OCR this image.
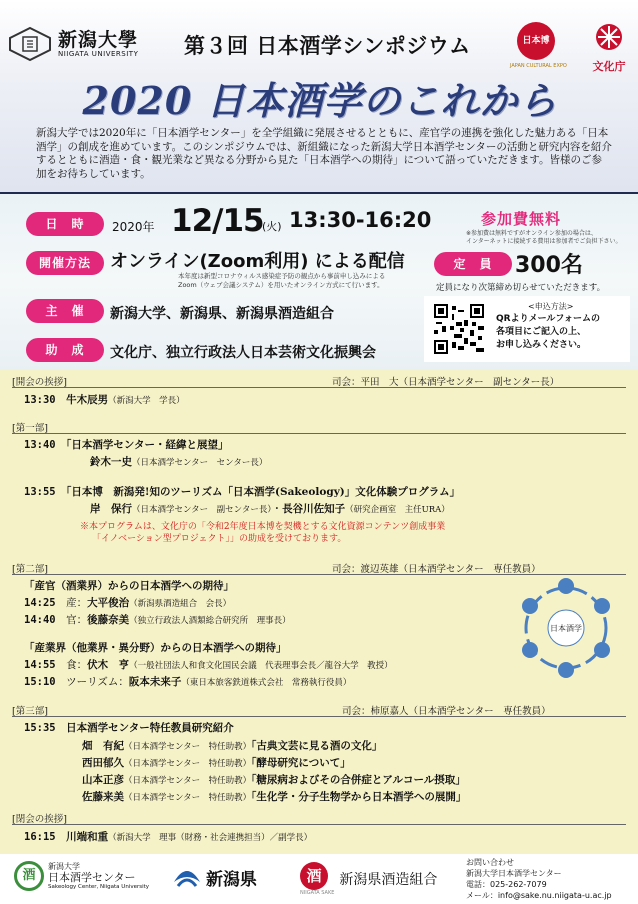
新潟大學
NIIGATA UNIVERSITY 第３回 日本酒学シンポジウム	日本博
JAPAN CULTURAL EXPO	文化庁
2020 日本酒学のこれから
新潟大学では2020年に「日本酒学センター」を全学組織に発展させるとともに、産官学の連携を強化した魅力ある「日本酒学」の創成を進めています。このシンポジウムでは、新組織になった新潟大学日本酒学センターの活動と研究内容を紹介するとともに酒造・食・観光業など異なる分野から見た「日本酒学への期待」について語っていただきます。皆様のご参加をお待ちしています。
日　時	2020年 12/15
(火) 13:30-16:20	参加費無料
※参加費は無料ですがオンライン参加の場合は、
インターネットに接続する費用は参加者でご負担下さい。
開催方法	オンライン(Zoom利用) による配信
本年度は新型コロナウィルス感染症予防の観点から事前申し込みによる
Zoom（ウェブ会議システム）を用いたオンライン方式にて行います。
定　員	300名
定員になり次第締め切らせていただきます。
主　催	新潟大学、新潟県、新潟県酒造組合
助　成	文化庁、独立行政法人日本芸術文化振興会
<申込方法>
QRよりメールフォームの
各項目にご記入の上、
お申し込みください。
[開会の挨拶]	司会：平田　大（日本酒学センター　副センター長）
13:30　 牛木辰男（新潟大学　学長）
[第一部]
13:40　 「日本酒学センター・経緯と展望」
鈴木一史（日本酒学センター　センター長）
13:55　 「日本博　新潟発!知のツーリズム「日本酒学(Sakeology)」文化体験プログラム」
岸　保行（日本酒学センター　副センター長）・長谷川佐知子（研究企画室　主任URA）
※本プログラムは、文化庁の「令和2年度日本博を契機とする文化資源コンテンツ創成事業
「イノベーション型プロジェクト」」の助成を受けております。
[第二部]	司会：渡辺英雄（日本酒学センター　専任教員）
「産官（酒業界）からの日本酒学への期待」
14:25　 産：大平俊治（新潟県酒造組合　会長）
14:40　 官：後藤奈美（独立行政法人酒類総合研究所　理事長）
「産業界（他業界・異分野）からの日本酒学への期待」
14:55　 食：伏木　亨（一般社団法人和食文化国民会議　代表理事会長／龍谷大学　教授）
15:10　 ツーリズム：阪本未来子（東日本旅客鉄道株式会社　常務執行役員）
日本酒学
[第三部]	司会：柿原嘉人（日本酒学センター　専任教員）
15:35　 日本酒学センター特任教員研究紹介
畑　有紀（日本酒学センター　特任助教）「古典文芸に見る酒の文化」
西田郁久（日本酒学センター　特任助教）「酵母研究について」
山本正彦（日本酒学センター　特任助教）「糖尿病およびその合併症とアルコール摂取」
佐藤来美（日本酒学センター　特任助教）「生化学・分子生物学から日本酒学への展開」
[閉会の挨拶]
16:15　 川端和重（新潟大学　理事（財務・社会連携担当）／副学長）
酒
新潟大学
日本酒学センター
Sakeology Center, Niigata University	新潟県	酒
NIIGATA SAKE
新潟県酒造組合
お問い合わせ
新潟大学日本酒学センター
電話：025-262-7079
メール：info@sake.nu.niigata-u.ac.jp
